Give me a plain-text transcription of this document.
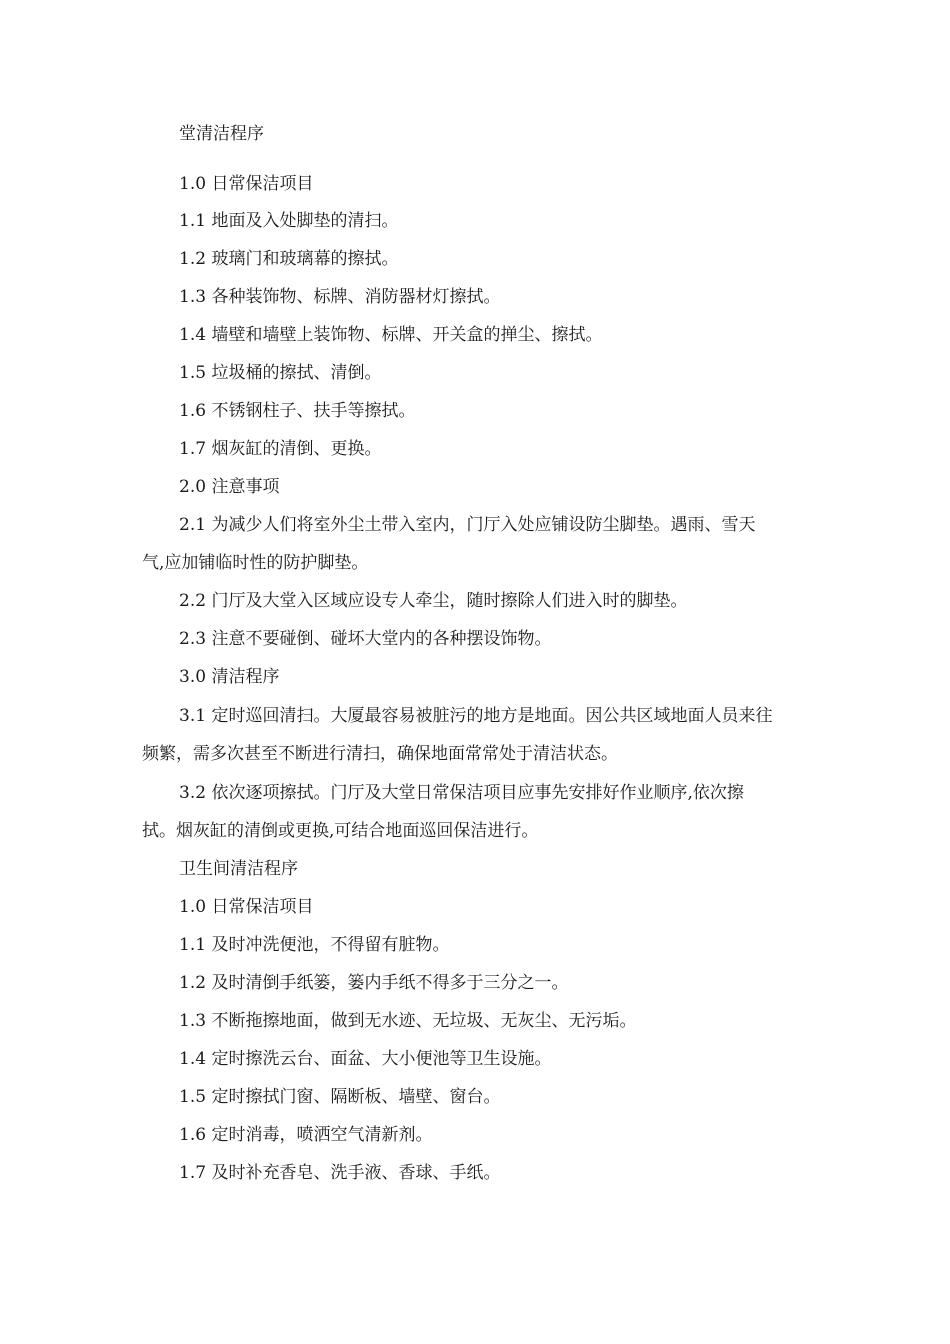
堂清洁程序
1.0 日常保洁项目
1.1 地面及入处脚垫的清扫。
1.2 玻璃门和玻璃幕的擦拭。
1.3 各种装饰物、标牌、消防器材灯擦拭。
1.4 墙壁和墙壁上装饰物、标牌、开关盒的掸尘、擦拭。
1.5 垃圾桶的擦拭、清倒。
1.6 不锈钢柱子、扶手等擦拭。
1.7 烟灰缸的清倒、更换。
2.0 注意事项
2.1 为减少人们将室外尘土带入室内，门厅入处应铺设防尘脚垫。遇雨、雪天
气,应加铺临时性的防护脚垫。
2.2 门厅及大堂入区域应设专人牵尘，随时擦除人们进入时的脚垫。
2.3 注意不要碰倒、碰坏大堂内的各种摆设饰物。
3.0 清洁程序
3.1 定时巡回清扫。大厦最容易被脏污的地方是地面。因公共区域地面人员来往
频繁，需多次甚至不断进行清扫，确保地面常常处于清洁状态。
3.2 依次逐项擦拭。门厅及大堂日常保洁项目应事先安排好作业顺序,依次擦
拭。烟灰缸的清倒或更换,可结合地面巡回保洁进行。
卫生间清洁程序
1.0 日常保洁项目
1.1 及时冲洗便池，不得留有脏物。
1.2 及时清倒手纸篓，篓内手纸不得多于三分之一。
1.3 不断拖擦地面，做到无水迹、无垃圾、无灰尘、无污垢。
1.4 定时擦洗云台、面盆、大小便池等卫生设施。
1.5 定时擦拭门窗、隔断板、墙壁、窗台。
1.6 定时消毒，喷洒空气清新剂。
1.7 及时补充香皂、洗手液、香球、手纸。
